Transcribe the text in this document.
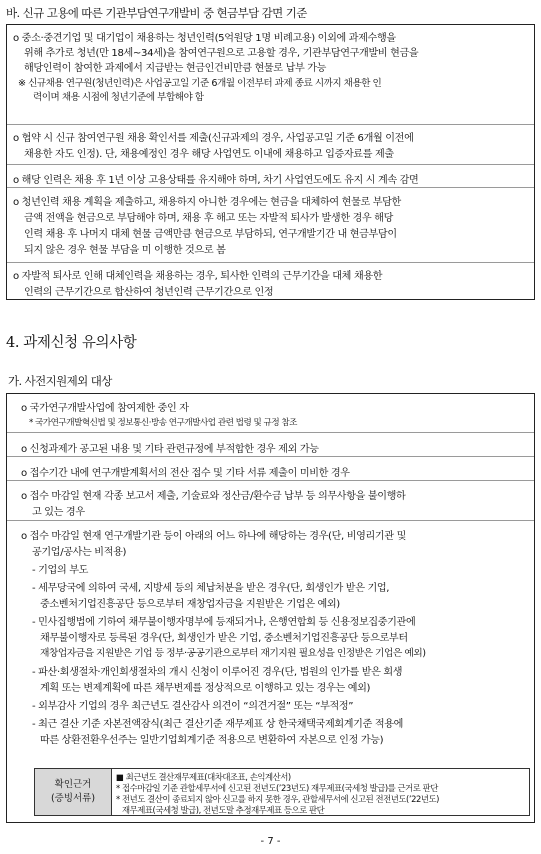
바. 신규 고용에 따른 기관부담연구개발비 중 현금부담 감면 기준
o 중소·중견기업 및 대기업이 채용하는 청년인력(5억원당 1명 비례고용) 이외에 과제수행을
위해 추가로 청년(만 18세~34세)을 참여연구원으로 고용할 경우, 기관부담연구개발비 현금을
해당인력이 참여한 과제에서 지급받는 현금인건비만큼 현물로 납부 가능
※ 신규채용 연구원(청년인력)은 사업공고일 기준 6개월 이전부터 과제 종료 시까지 채용한 인
력이며 채용 시점에 청년기준에 부합해야 함
o 협약 시 신규 참여연구원 채용 확인서를 제출(신규과제의 경우, 사업공고일 기준 6개월 이전에
채용한 자도 인정). 단, 채용예정인 경우 해당 사업연도 이내에 채용하고 입증자료를 제출
o 해당 인력은 채용 후 1년 이상 고용상태를 유지해야 하며, 차기 사업연도에도 유지 시 계속 감면
o 청년인력 채용 계획을 제출하고, 채용하지 아니한 경우에는 현금을 대체하여 현물로 부담한
금액 전액을 현금으로 부담해야 하며, 채용 후 해고 또는 자발적 퇴사가 발생한 경우 해당
인력 채용 후 나머지 대체 현물 금액만큼 현금으로 부담하되, 연구개발기간 내 현금부담이
되지 않은 경우 현물 부담을 미 이행한 것으로 봄
o 자발적 퇴사로 인해 대체인력을 채용하는 경우, 퇴사한 인력의 근무기간을 대체 채용한
인력의 근무기간으로 합산하여 청년인력 근무기간으로 인정
4. 과제신청 유의사항
가. 사전지원제외 대상
o 국가연구개발사업에 참여제한 중인 자
* 국가연구개발혁신법 및 정보통신·방송 연구개발사업 관련 법령 및 규정 참조
o 신청과제가 공고된 내용 및 기타 관련규정에 부적합한 경우 제외 가능
o 접수기간 내에 연구개발계획서의 전산 접수 및 기타 서류 제출이 미비한 경우
o 접수 마감일 현재 각종 보고서 제출, 기술료와 정산금/환수금 납부 등 의무사항을 불이행하
고 있는 경우
o 접수 마감일 현재 연구개발기관 등이 아래의 어느 하나에 해당하는 경우(단, 비영리기관 및
공기업/공사는 비적용)
- 기업의 부도
- 세무당국에 의하여 국세, 지방세 등의 체납처분을 받은 경우(단, 회생인가 받은 기업,
중소벤처기업진흥공단 등으로부터 재창업자금을 지원받은 기업은 예외)
- 민사집행법에 기하여 채무불이행자명부에 등재되거나, 은행연합회 등 신용정보집중기관에
채무불이행자로 등록된 경우(단, 회생인가 받은 기업, 중소벤처기업진흥공단 등으로부터
재창업자금을 지원받은 기업 등 정부·공공기관으로부터 재기지원 필요성을 인정받은 기업은 예외)
- 파산·회생절차·개인회생절차의 개시 신청이 이루어진 경우(단, 법원의 인가를 받은 회생
계획 또는 변제계획에 따른 채무변제를 정상적으로 이행하고 있는 경우는 예외)
- 외부감사 기업의 경우 최근년도 결산감사 의견이 “의견거절” 또는 “부적정”
- 최근 결산 기준 자본전액잠식(최근 결산기준 재무제표 상 한국채택국제회계기준 적용에
따른 상환전환우선주는 일반기업회계기준 적용으로 변환하여 자본으로 인정 가능)
확인근거
(증빙서류)
■ 최근년도 결산재무제표(대차대조표, 손익계산서)
* 접수마감일 기준 관할세무서에 신고된 전년도(’23년도) 재무제표(국세청 발급)를 근거로 판단
* 전년도 결산이 종료되지 않아 신고를 하지 못한 경우, 관할세무서에 신고된 전전년도(’22년도)
재무제표(국세청 발급), 전년도말 추정재무제표 등으로 판단
- 7 -
